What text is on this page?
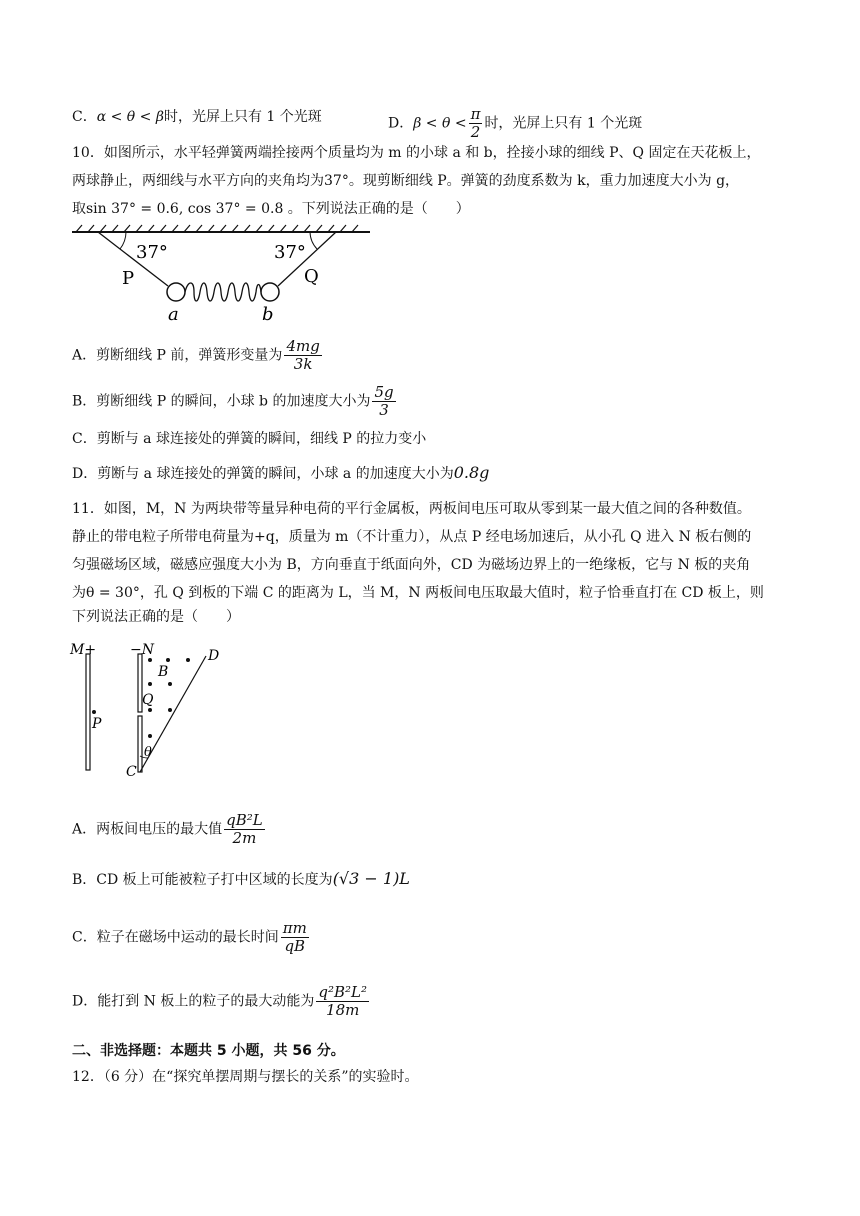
C．α < θ < β时，光屏上只有 1 个光斑	D．$\beta < \theta < \frac{\pi}{2}$ 时，光屏上只有 1 个光斑
10．如图所示，水平轻弹簧两端拴接两个质量均为 m 的小球 a 和 b，拴接小球的细线 P、Q 固定在天花板上，
两球静止，两细线与水平方向的夹角均为37°。现剪断细线 P。弹簧的劲度系数为 k，重力加速度大小为 g，
取sin 37° = 0.6, cos 37° = 0.8 。下列说法正确的是（　　）
37°	37°
P	Q
a	b
A．剪断细线 P 前，弹簧形变量为 $\frac{4mg}{3k}$
B．剪断细线 P 的瞬间，小球 b 的加速度大小为 $\frac{5g}{3}$
C．剪断与 a 球连接处的弹簧的瞬间，细线 P 的拉力变小
D．剪断与 a 球连接处的弹簧的瞬间，小球 a 的加速度大小为0.8g
11．如图，M，N 为两块带等量异种电荷的平行金属板，两板间电压可取从零到某一最大值之间的各种数值。
静止的带电粒子所带电荷量为+q，质量为 m（不计重力），从点 P 经电场加速后，从小孔 Q 进入 N 板右侧的
匀强磁场区域，磁感应强度大小为 B，方向垂直于纸面向外，CD 为磁场边界上的一绝缘板，它与 N 板的夹角
为θ = 30°，孔 Q 到板的下端 C 的距离为 L，当 M，N 两板间电压取最大值时，粒子恰垂直打在 CD 板上，则
下列说法正确的是（　　）
M+ −N
B
D
Q
P
θ
C
A．两板间电压的最大值 $\frac{\text{qB²L}}{2m}$
B．CD 板上可能被粒子打中区域的长度为(√3 − 1)L
C．粒子在磁场中运动的最长时间 $\frac{\pi m}{qB}$
D．能打到 N 板上的粒子的最大动能为 $\frac{\text{q²B²L²}}{18m}$
二、非选择题：本题共 5 小题，共 56 分。
12．（6 分）在“探究单摆周期与摆长的关系”的实验时。
